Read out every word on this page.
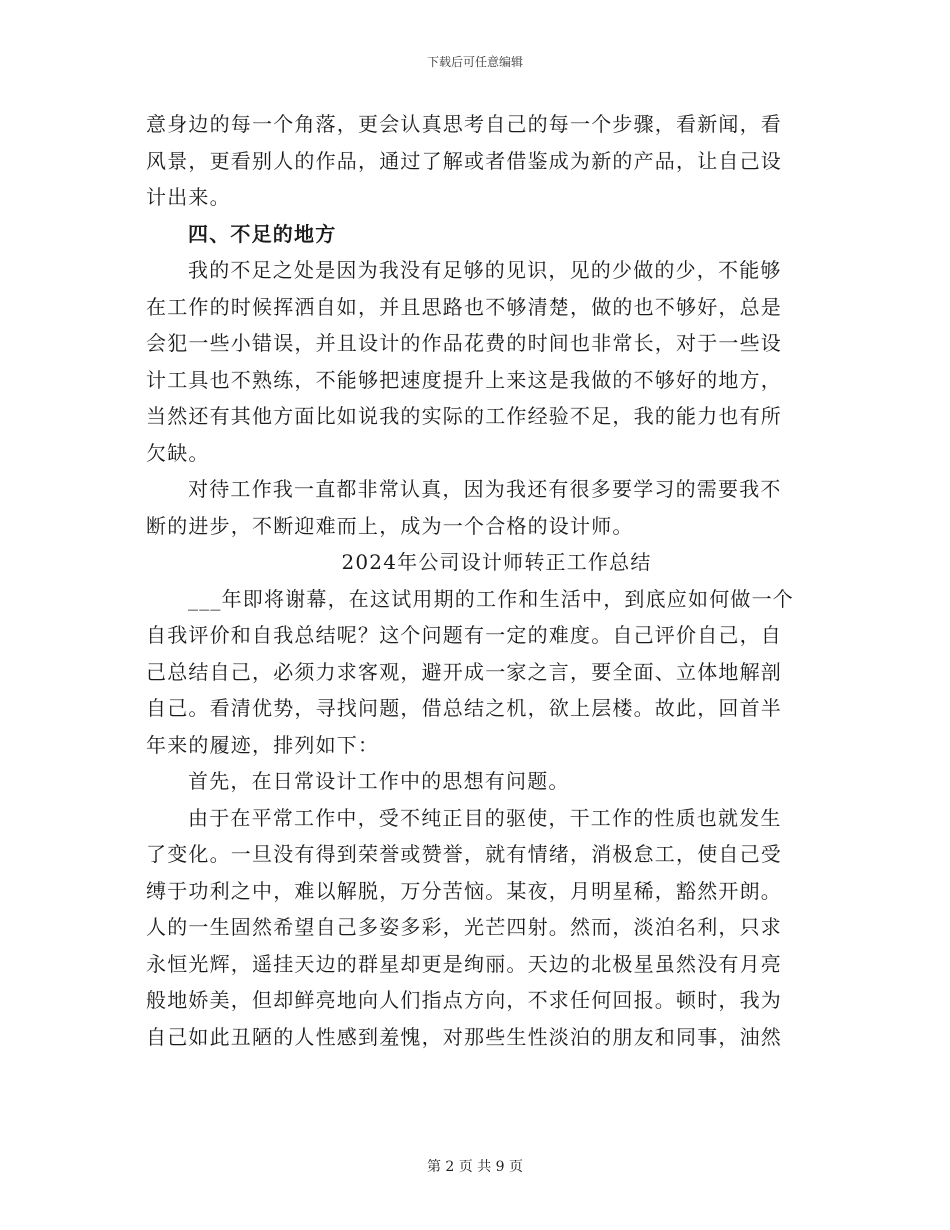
下载后可任意编辑
意身边的每一个角落，更会认真思考自己的每一个步骤，看新闻，看
风景，更看别人的作品，通过了解或者借鉴成为新的产品，让自己设
计出来。
四、不足的地方
我的不足之处是因为我没有足够的见识，见的少做的少，不能够
在工作的时候挥洒自如，并且思路也不够清楚，做的也不够好，总是
会犯一些小错误，并且设计的作品花费的时间也非常长，对于一些设
计工具也不熟练，不能够把速度提升上来这是我做的不够好的地方，
当然还有其他方面比如说我的实际的工作经验不足，我的能力也有所
欠缺。
对待工作我一直都非常认真，因为我还有很多要学习的需要我不
断的进步，不断迎难而上，成为一个合格的设计师。
2024年公司设计师转正工作总结
___年即将谢幕，在这试用期的工作和生活中，到底应如何做一个
自我评价和自我总结呢？这个问题有一定的难度。自己评价自己，自
己总结自己，必须力求客观，避开成一家之言，要全面、立体地解剖
自己。看清优势，寻找问题，借总结之机，欲上层楼。故此，回首半
年来的履迹，排列如下：
首先，在日常设计工作中的思想有问题。
由于在平常工作中，受不纯正目的驱使，干工作的性质也就发生
了变化。一旦没有得到荣誉或赞誉，就有情绪，消极怠工，使自己受
缚于功利之中，难以解脱，万分苦恼。某夜，月明星稀，豁然开朗。
人的一生固然希望自己多姿多彩，光芒四射。然而，淡泊名利，只求
永恒光辉，遥挂天边的群星却更是绚丽。天边的北极星虽然没有月亮
般地娇美，但却鲜亮地向人们指点方向，不求任何回报。顿时，我为
自己如此丑陋的人性感到羞愧，对那些生性淡泊的朋友和同事，油然
第 2 页 共 9 页
